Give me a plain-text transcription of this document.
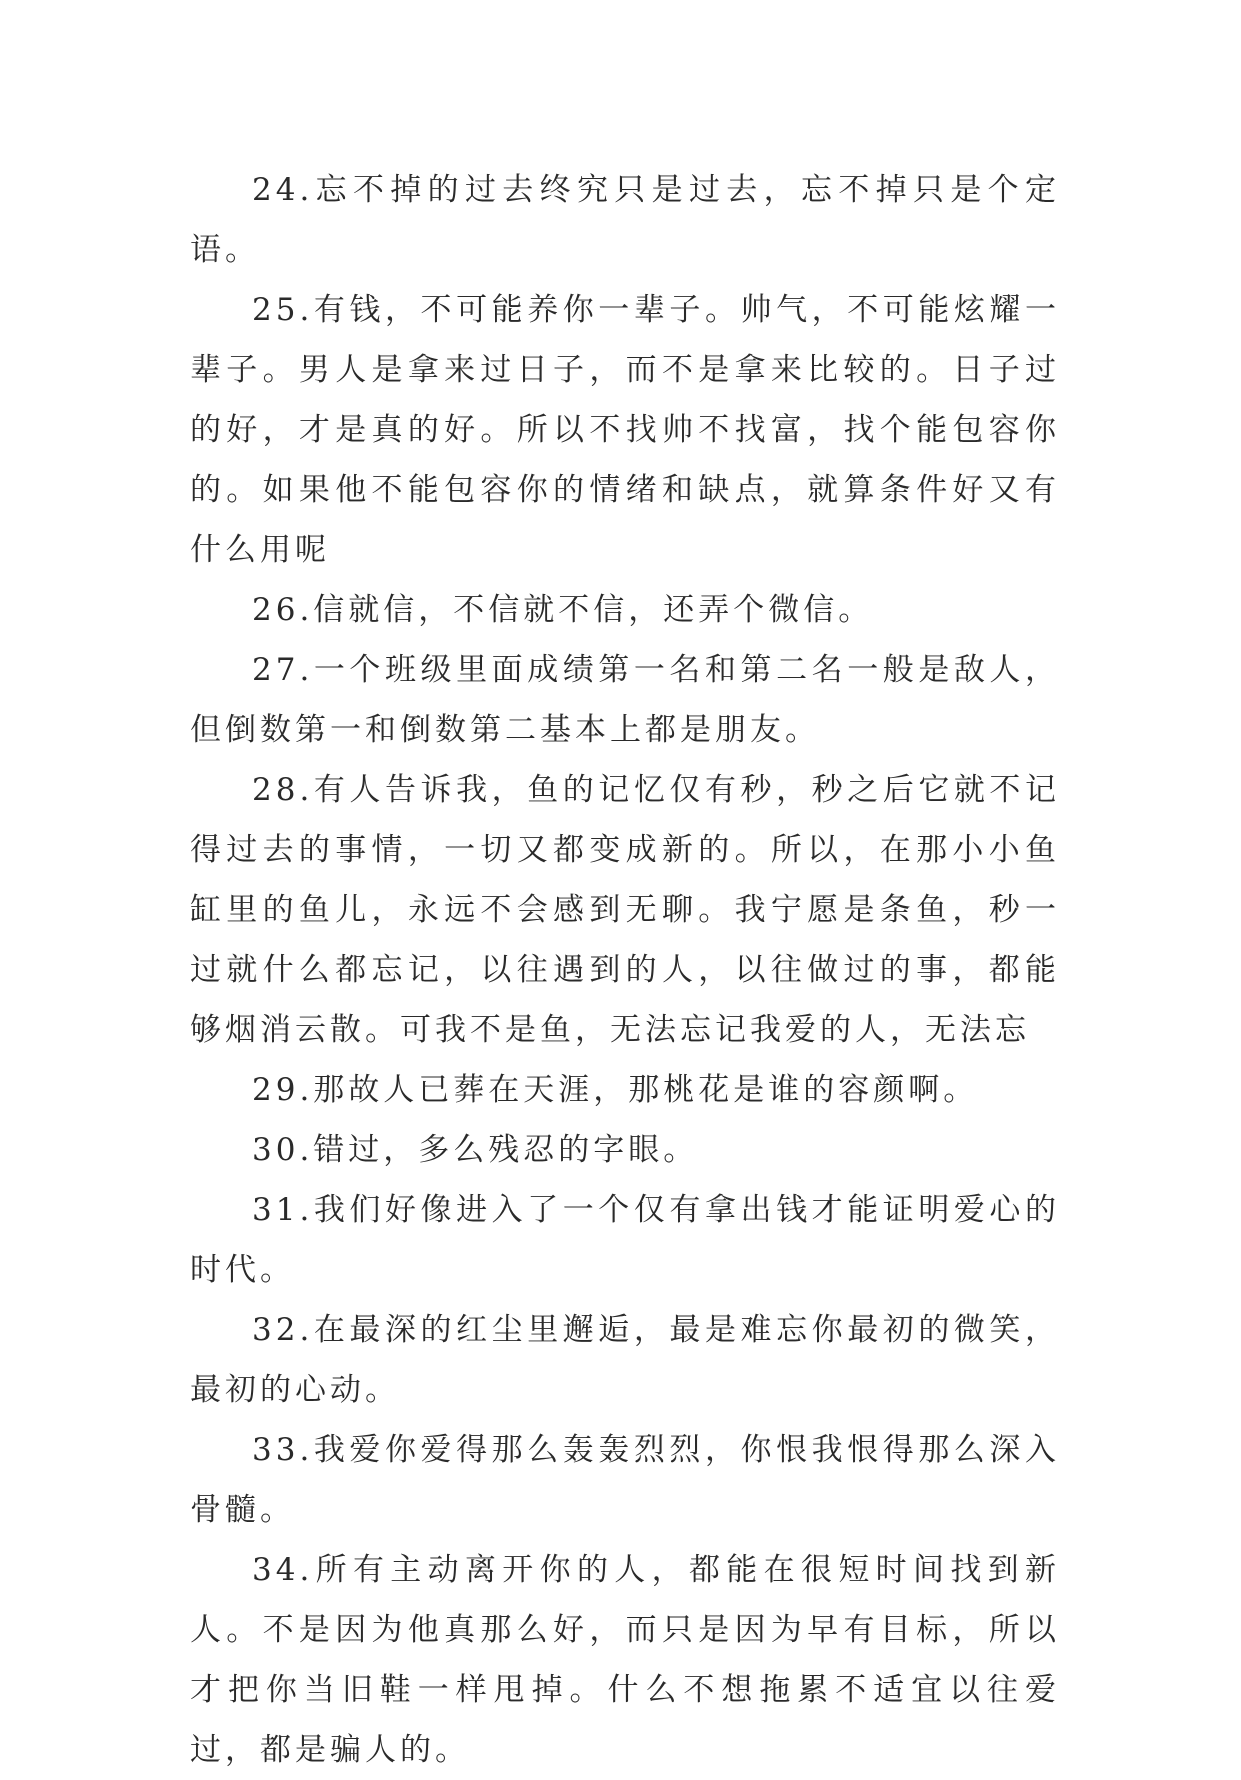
24.忘不掉的过去终究只是过去，忘不掉只是个定语。

25.有钱，不可能养你一辈子。帅气，不可能炫耀一辈子。男人是拿来过日子，而不是拿来比较的。日子过的好，才是真的好。所以不找帅不找富，找个能包容你的。如果他不能包容你的情绪和缺点，就算条件好又有什么用呢

26.信就信，不信就不信，还弄个微信。

27.一个班级里面成绩第一名和第二名一般是敌人，但倒数第一和倒数第二基本上都是朋友。

28.有人告诉我，鱼的记忆仅有秒，秒之后它就不记得过去的事情，一切又都变成新的。所以，在那小小鱼缸里的鱼儿，永远不会感到无聊。我宁愿是条鱼，秒一过就什么都忘记，以往遇到的人，以往做过的事，都能够烟消云散。可我不是鱼，无法忘记我爱的人，无法忘

29.那故人已葬在天涯，那桃花是谁的容颜啊。

30.错过，多么残忍的字眼。

31.我们好像进入了一个仅有拿出钱才能证明爱心的时代。

32.在最深的红尘里邂逅，最是难忘你最初的微笑，最初的心动。

33.我爱你爱得那么轰轰烈烈，你恨我恨得那么深入骨髓。

34.所有主动离开你的人，都能在很短时间找到新人。不是因为他真那么好，而只是因为早有目标，所以才把你当旧鞋一样甩掉。什么不想拖累不适宜以往爱过，都是骗人的。
